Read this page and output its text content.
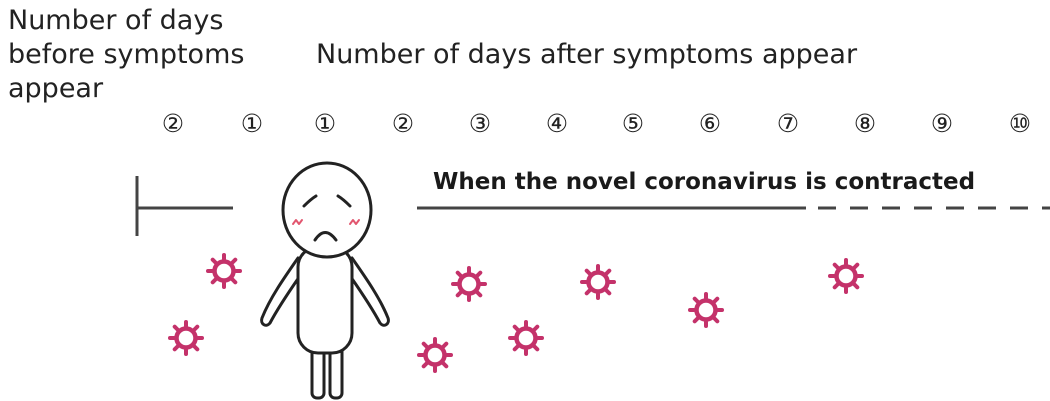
Number of days
before symptoms
appear
Number of days after symptoms appear
②	①	①	②	③	④	⑤	⑥	⑦	⑧	⑨	⑩
When the novel coronavirus is contracted
